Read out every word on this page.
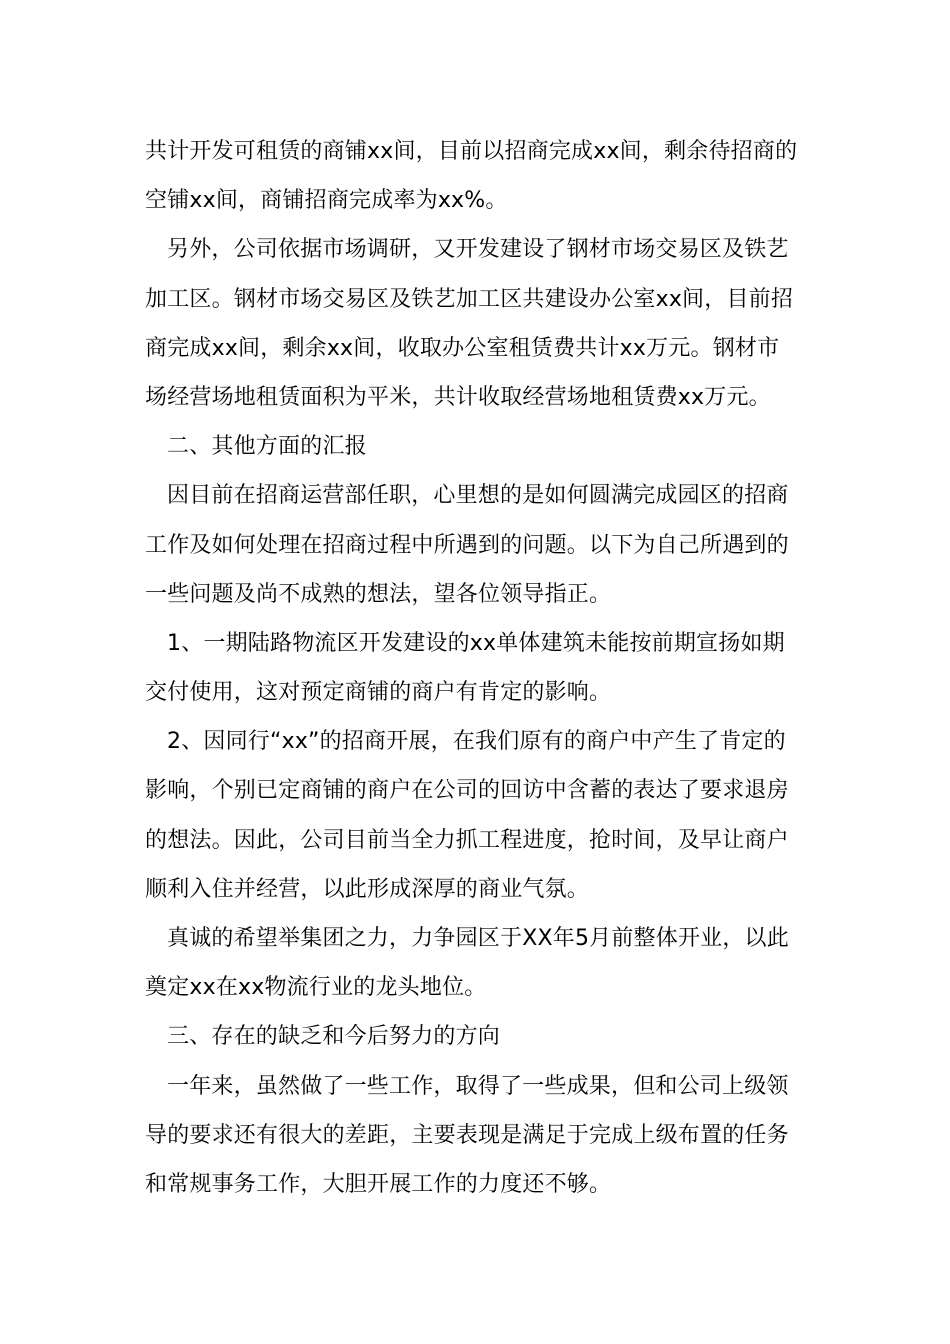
共计开发可租赁的商铺xx间，目前以招商完成xx间，剩余待招商的
空铺xx间，商铺招商完成率为xx%。
另外，公司依据市场调研，又开发建设了钢材市场交易区及铁艺
加工区。钢材市场交易区及铁艺加工区共建设办公室xx间，目前招
商完成xx间，剩余xx间，收取办公室租赁费共计xx万元。钢材市
场经营场地租赁面积为平米，共计收取经营场地租赁费xx万元。
二、其他方面的汇报
因目前在招商运营部任职，心里想的是如何圆满完成园区的招商
工作及如何处理在招商过程中所遇到的问题。以下为自己所遇到的
一些问题及尚不成熟的想法，望各位领导指正。
1、一期陆路物流区开发建设的xx单体建筑未能按前期宣扬如期
交付使用，这对预定商铺的商户有肯定的影响。
2、因同行“xx”的招商开展，在我们原有的商户中产生了肯定的
影响，个别已定商铺的商户在公司的回访中含蓄的表达了要求退房
的想法。因此，公司目前当全力抓工程进度，抢时间，及早让商户
顺利入住并经营，以此形成深厚的商业气氛。
真诚的希望举集团之力，力争园区于XX年5月前整体开业，以此
奠定xx在xx物流行业的龙头地位。
三、存在的缺乏和今后努力的方向
一年来，虽然做了一些工作，取得了一些成果，但和公司上级领
导的要求还有很大的差距，主要表现是满足于完成上级布置的任务
和常规事务工作，大胆开展工作的力度还不够。
